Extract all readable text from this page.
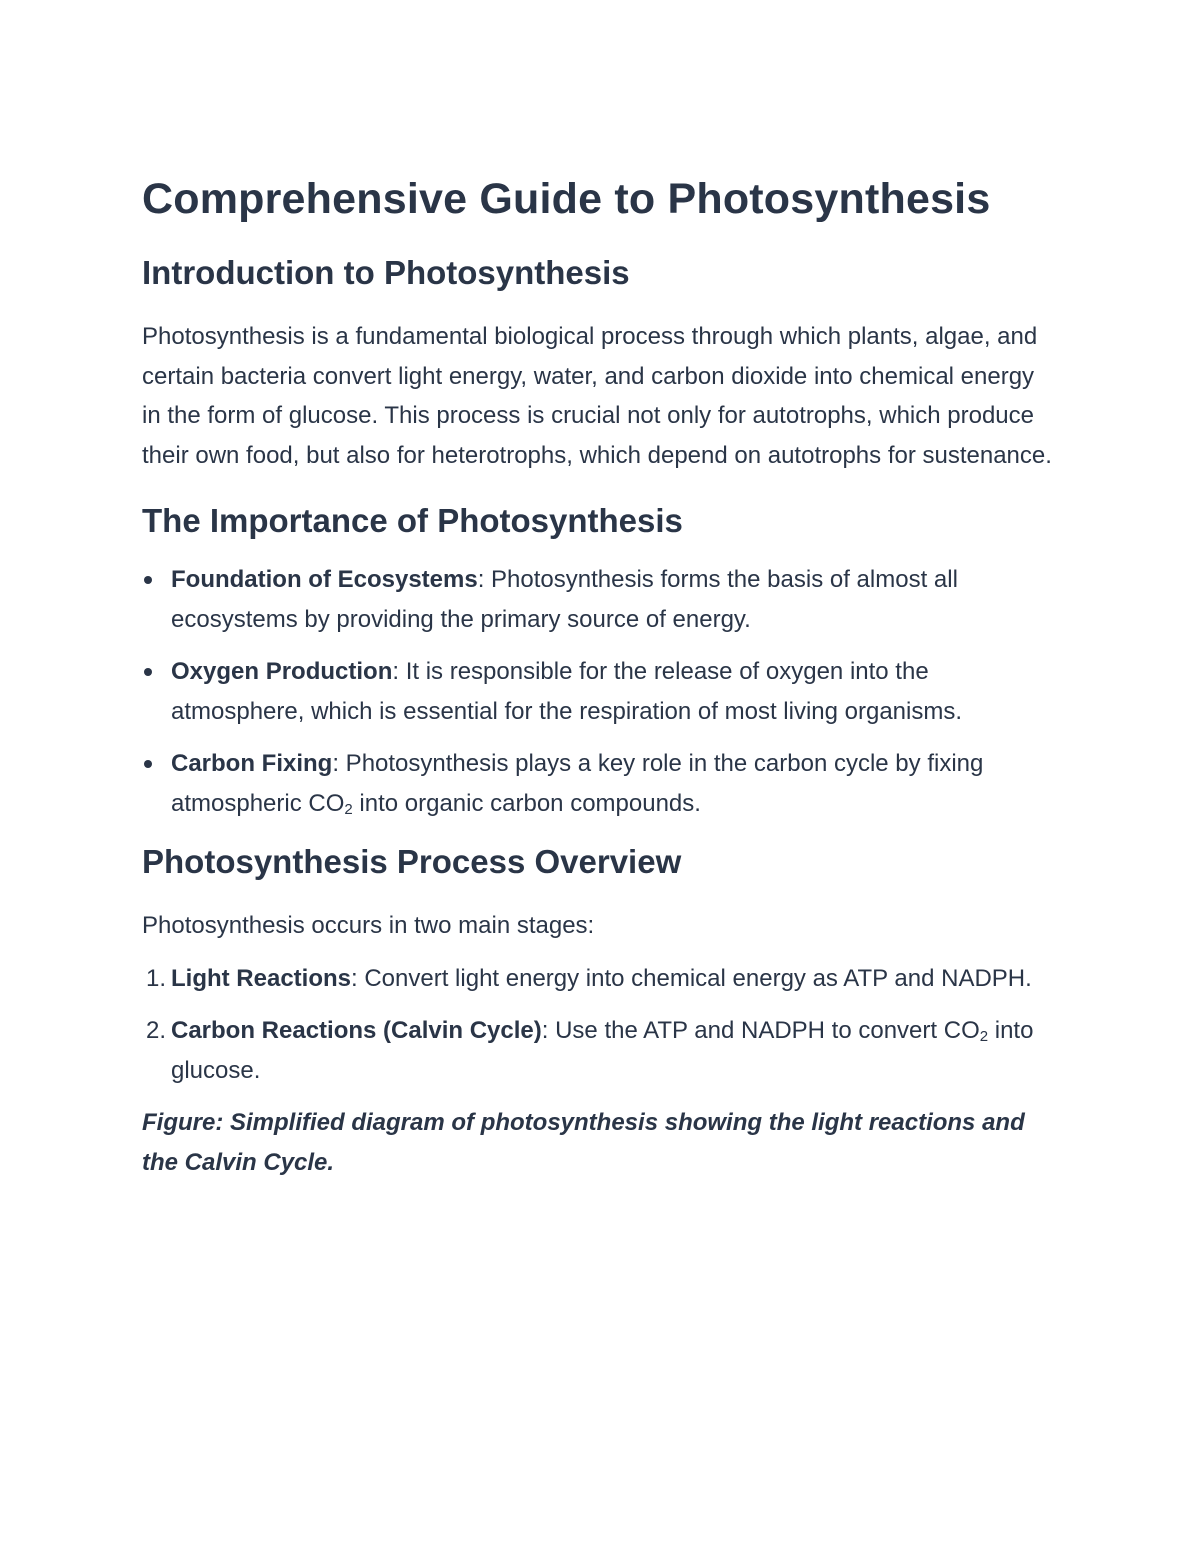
Comprehensive Guide to Photosynthesis
Introduction to Photosynthesis

Photosynthesis is a fundamental biological process through which plants, algae, and certain bacteria convert light energy, water, and carbon dioxide into chemical energy in the form of glucose. This process is crucial not only for autotrophs, which produce their own food, but also for heterotrophs, which depend on autotrophs for sustenance.

The Importance of Photosynthesis
Foundation of Ecosystems: Photosynthesis forms the basis of almost all ecosystems by providing the primary source of energy.
Oxygen Production: It is responsible for the release of oxygen into the atmosphere, which is essential for the respiration of most living organisms.
Carbon Fixing: Photosynthesis plays a key role in the carbon cycle by fixing atmospheric $CO_2$ into organic carbon compounds.
Photosynthesis Process Overview

Photosynthesis occurs in two main stages:

1. Light Reactions: Convert light energy into chemical energy as ATP and NADPH.
2. Carbon Reactions (Calvin Cycle): Use the ATP and NADPH to convert $CO_2$ into glucose.

Figure: Simplified diagram of photosynthesis showing the light reactions and the Calvin Cycle.
